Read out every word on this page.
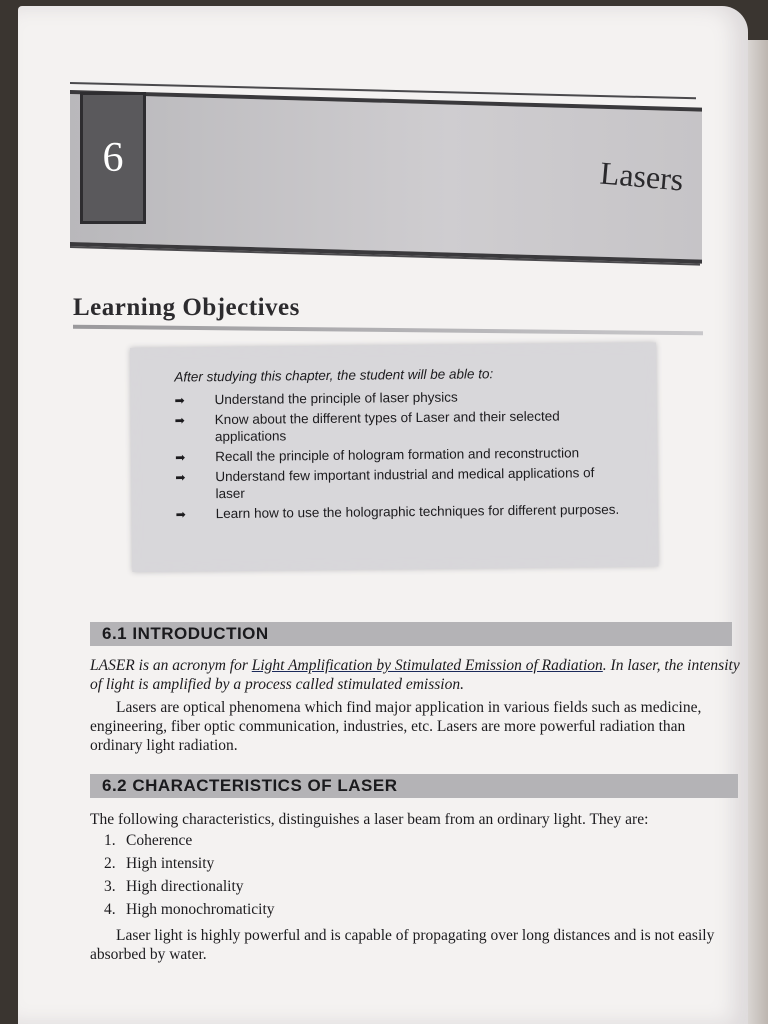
6	Lasers
Learning Objectives
After studying this chapter, the student will be able to:
➡ Understand the principle of laser physics
➡ Know about the different types of Laser and their selected applications
➡ Recall the principle of hologram formation and reconstruction
➡ Understand few important industrial and medical applications of laser
➡ Learn how to use the holographic techniques for different purposes.
6.1 INTRODUCTION
LASER is an acronym for Light Amplification by Stimulated Emission of Radiation. In laser, the intensity of light is amplified by a process called stimulated emission.
Lasers are optical phenomena which find major application in various fields such as medicine, engineering, fiber optic communication, industries, etc. Lasers are more powerful radiation than ordinary light radiation.
6.2 CHARACTERISTICS OF LASER
The following characteristics, distinguishes a laser beam from an ordinary light. They are:
1. Coherence
2. High intensity
3. High directionality
4. High monochromaticity
Laser light is highly powerful and is capable of propagating over long distances and is not easily absorbed by water.
